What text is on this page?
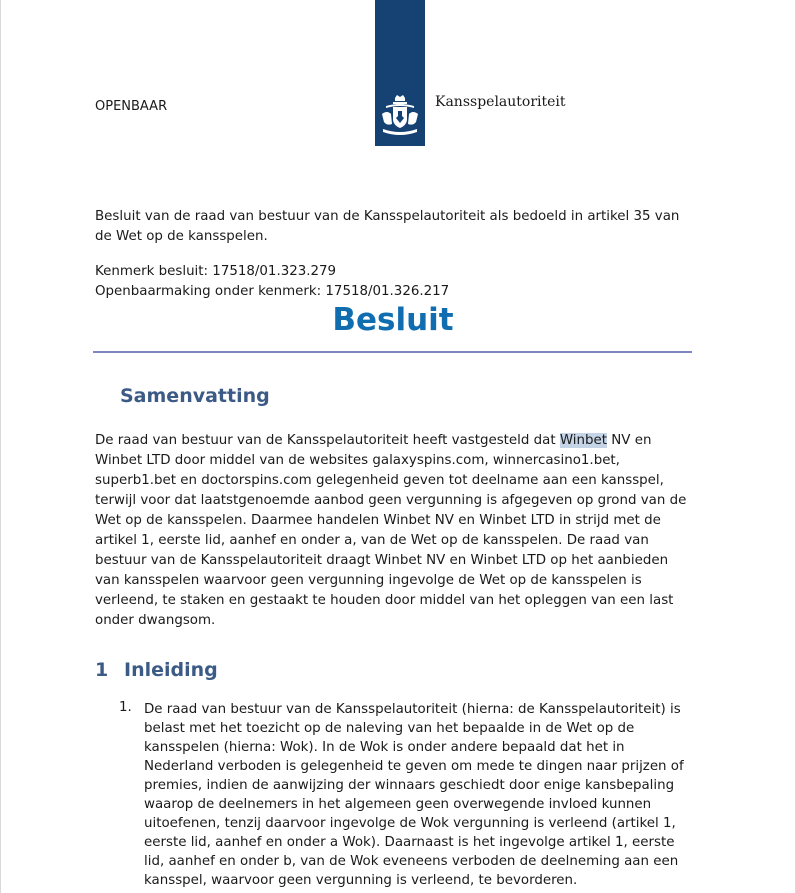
Kansspelautoriteit
OPENBAAR
Besluit van de raad van bestuur van de Kansspelautoriteit als bedoeld in artikel 35 van de Wet op de kansspelen.
Kenmerk besluit: 17518/01.323.279
Openbaarmaking onder kenmerk: 17518/01.326.217
Besluit
Samenvatting
De raad van bestuur van de Kansspelautoriteit heeft vastgesteld dat Winbet NV en
Winbet LTD door middel van de websites galaxyspins.com, winnercasino1.bet,
superb1.bet en doctorspins.com gelegenheid geven tot deelname aan een kansspel,
terwijl voor dat laatstgenoemde aanbod geen vergunning is afgegeven op grond van de
Wet op de kansspelen. Daarmee handelen Winbet NV en Winbet LTD in strijd met de
artikel 1, eerste lid, aanhef en onder a, van de Wet op de kansspelen. De raad van
bestuur van de Kansspelautoriteit draagt Winbet NV en Winbet LTD op het aanbieden
van kansspelen waarvoor geen vergunning ingevolge de Wet op de kansspelen is
verleend, te staken en gestaakt te houden door middel van het opleggen van een last
onder dwangsom.
1 Inleiding
1. De raad van bestuur van de Kansspelautoriteit (hierna: de Kansspelautoriteit) is
belast met het toezicht op de naleving van het bepaalde in de Wet op de
kansspelen (hierna: Wok). In de Wok is onder andere bepaald dat het in
Nederland verboden is gelegenheid te geven om mede te dingen naar prijzen of
premies, indien de aanwijzing der winnaars geschiedt door enige kansbepaling
waarop de deelnemers in het algemeen geen overwegende invloed kunnen
uitoefenen, tenzij daarvoor ingevolge de Wok vergunning is verleend (artikel 1,
eerste lid, aanhef en onder a Wok). Daarnaast is het ingevolge artikel 1, eerste
lid, aanhef en onder b, van de Wok eveneens verboden de deelneming aan een
kansspel, waarvoor geen vergunning is verleend, te bevorderen.
